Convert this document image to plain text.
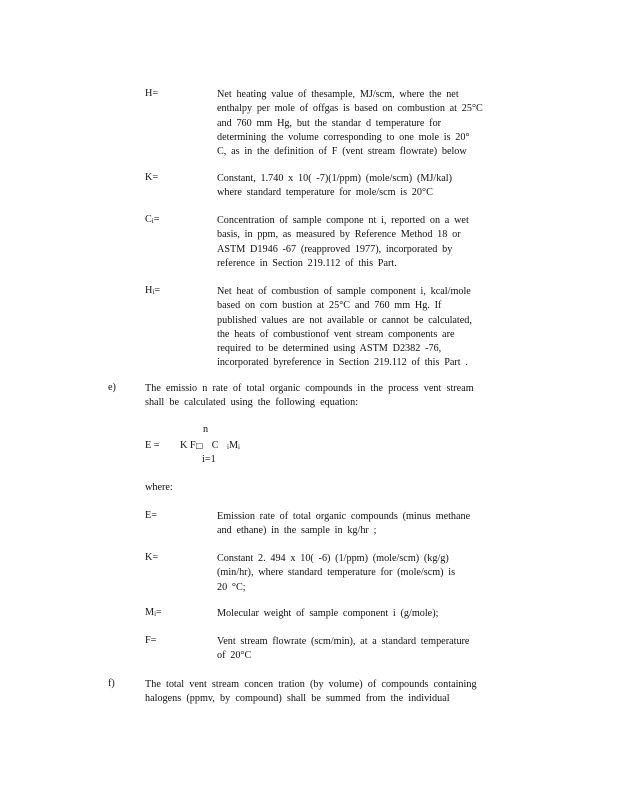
H=	Net heating value of thesample, MJ/scm, where the net
enthalpy per mole of offgas is based on combustion at 25°C
and 760 mm Hg, but the standar d temperature for
determining the volume corresponding to one mole is 20°
C, as in the definition of F (vent stream flowrate) below
K=	Constant, 1.740 x 10( -7)(1/ppm) (mole/scm) (MJ/kal)
where standard temperature for mole/scm is 20°C
Ci=	Concentration of sample compone nt i, reported on a wet
basis, in ppm, as measured by Reference Method 18 or
ASTM D1946 -67 (reapproved 1977), incorporated by
reference in Section 219.112 of this Part.
Hi=	Net heat of combustion of sample component i, kcal/mole
based on com bustion at 25°C and 760 mm Hg. If
published values are not available or cannot be calculated,
the heats of combustionof vent stream components are
required to be determined using ASTM D2382 -76,
incorporated byreference in Section 219.112 of this Part .
e)	The emissio n rate of total organic compounds in the process vent stream
shall be calculated using the following equation:
n
E = K F□ C iMi
i=1
where:
E=	Emission rate of total organic compounds (minus methane
and ethane) in the sample in kg/hr ;
K=	Constant 2. 494 x 10( -6) (1/ppm) (mole/scm) (kg/g)
(min/hr), where standard temperature for (mole/scm) is
20 °C;
Mi=	Molecular weight of sample component i (g/mole);
F=	Vent stream flowrate (scm/min), at a standard temperature
of 20°C
f)	The total vent stream concen tration (by volume) of compounds containing
halogens (ppmv, by compound) shall be summed from the individual
